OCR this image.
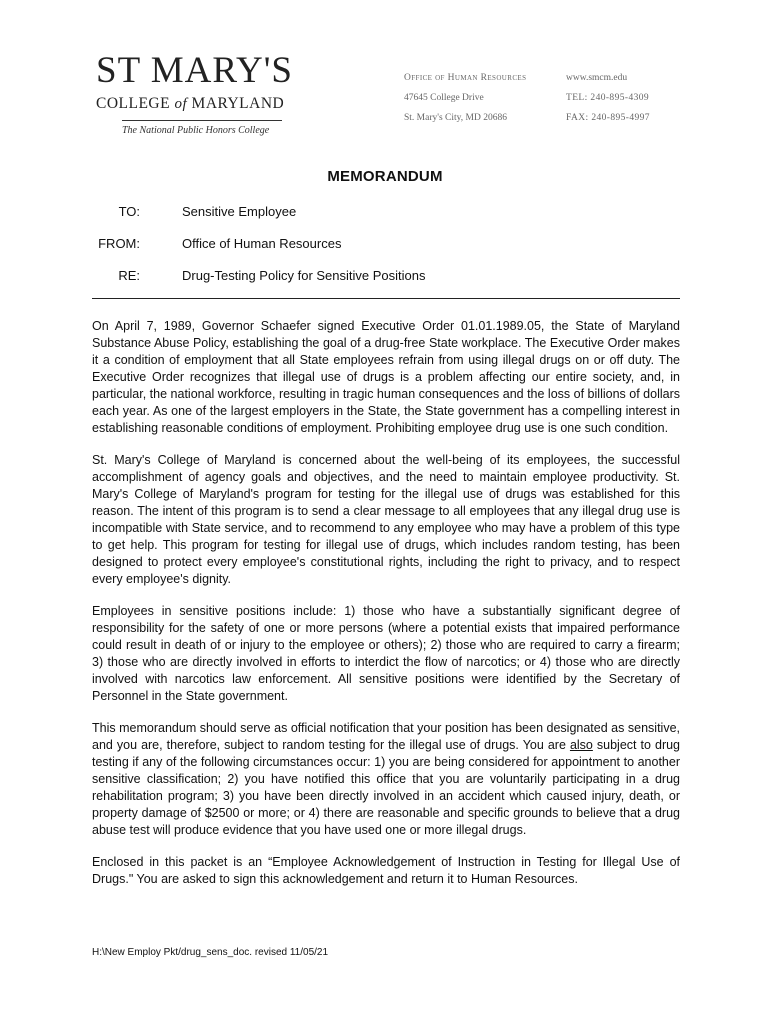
ST MARY'S
COLLEGE of MARYLAND
The National Public Honors College
Office of Human Resources
47645 College Drive
St. Mary's City, MD 20686
www.smcm.edu
TEL: 240-895-4309
FAX: 240-895-4997
MEMORANDUM
TO:	Sensitive Employee
FROM:	Office of Human Resources
RE:	Drug-Testing Policy for Sensitive Positions

On April 7, 1989, Governor Schaefer signed Executive Order 01.01.1989.05, the State of Maryland Substance Abuse Policy, establishing the goal of a drug-free State workplace. The Executive Order makes it a condition of employment that all State employees refrain from using illegal drugs on or off duty. The Executive Order recognizes that illegal use of drugs is a problem affecting our entire society, and, in particular, the national workforce, resulting in tragic human consequences and the loss of billions of dollars each year. As one of the largest employers in the State, the State government has a compelling interest in establishing reasonable conditions of employment. Prohibiting employee drug use is one such condition.

St. Mary's College of Maryland is concerned about the well-being of its employees, the successful accomplishment of agency goals and objectives, and the need to maintain employee productivity. St. Mary's College of Maryland's program for testing for the illegal use of drugs was established for this reason. The intent of this program is to send a clear message to all employees that any illegal drug use is incompatible with State service, and to recommend to any employee who may have a problem of this type to get help. This program for testing for illegal use of drugs, which includes random testing, has been designed to protect every employee's constitutional rights, including the right to privacy, and to respect every employee's dignity.

Employees in sensitive positions include: 1) those who have a substantially significant degree of responsibility for the safety of one or more persons (where a potential exists that impaired performance could result in death of or injury to the employee or others); 2) those who are required to carry a firearm; 3) those who are directly involved in efforts to interdict the flow of narcotics; or 4) those who are directly involved with narcotics law enforcement. All sensitive positions were identified by the Secretary of Personnel in the State government.

This memorandum should serve as official notification that your position has been designated as sensitive, and you are, therefore, subject to random testing for the illegal use of drugs. You are also subject to drug testing if any of the following circumstances occur: 1) you are being considered for appointment to another sensitive classification; 2) you have notified this office that you are voluntarily participating in a drug rehabilitation program; 3) you have been directly involved in an accident which caused injury, death, or property damage of $2500 or more; or 4) there are reasonable and specific grounds to believe that a drug abuse test will produce evidence that you have used one or more illegal drugs.

Enclosed in this packet is an “Employee Acknowledgement of Instruction in Testing for Illegal Use of Drugs." You are asked to sign this acknowledgement and return it to Human Resources.

H:\New Employ Pkt/drug_sens_doc. revised 11/05/21
